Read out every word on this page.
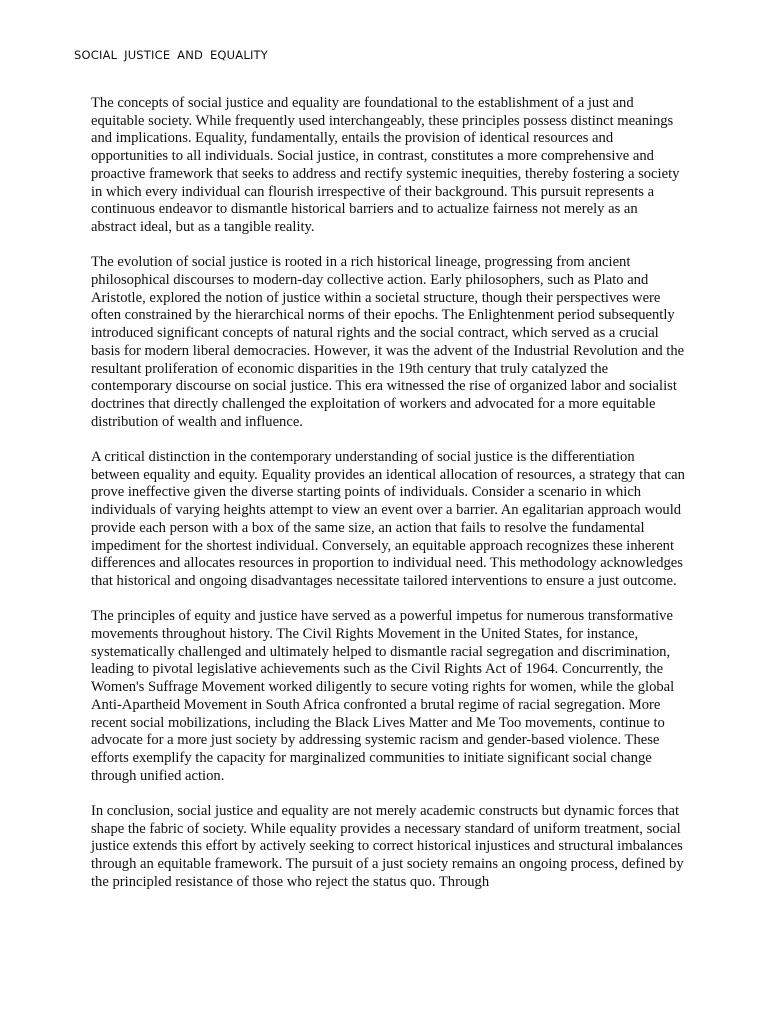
SOCIAL JUSTICE AND EQUALITY

The concepts of social justice and equality are foundational to the establishment of a just and equitable society. While frequently used interchangeably, these principles possess distinct meanings and implications. Equality, fundamentally, entails the provision of identical resources and opportunities to all individuals. Social justice, in contrast, constitutes a more comprehensive and proactive framework that seeks to address and rectify systemic inequities, thereby fostering a society in which every individual can flourish irrespective of their background. This pursuit represents a continuous endeavor to dismantle historical barriers and to actualize fairness not merely as an abstract ideal, but as a tangible reality.

The evolution of social justice is rooted in a rich historical lineage, progressing from ancient philosophical discourses to modern-day collective action. Early philosophers, such as Plato and Aristotle, explored the notion of justice within a societal structure, though their perspectives were often constrained by the hierarchical norms of their epochs. The Enlightenment period subsequently introduced significant concepts of natural rights and the social contract, which served as a crucial basis for modern liberal democracies. However, it was the advent of the Industrial Revolution and the resultant proliferation of economic disparities in the 19th century that truly catalyzed the contemporary discourse on social justice. This era witnessed the rise of organized labor and socialist doctrines that directly challenged the exploitation of workers and advocated for a more equitable distribution of wealth and influence.

A critical distinction in the contemporary understanding of social justice is the differentiation between equality and equity. Equality provides an identical allocation of resources, a strategy that can prove ineffective given the diverse starting points of individuals. Consider a scenario in which individuals of varying heights attempt to view an event over a barrier. An egalitarian approach would provide each person with a box of the same size, an action that fails to resolve the fundamental impediment for the shortest individual. Conversely, an equitable approach recognizes these inherent differences and allocates resources in proportion to individual need. This methodology acknowledges that historical and ongoing disadvantages necessitate tailored interventions to ensure a just outcome.

The principles of equity and justice have served as a powerful impetus for numerous transformative movements throughout history. The Civil Rights Movement in the United States, for instance, systematically challenged and ultimately helped to dismantle racial segregation and discrimination, leading to pivotal legislative achievements such as the Civil Rights Act of 1964. Concurrently, the Women's Suffrage Movement worked diligently to secure voting rights for women, while the global Anti-Apartheid Movement in South Africa confronted a brutal regime of racial segregation. More recent social mobilizations, including the Black Lives Matter and Me Too movements, continue to advocate for a more just society by addressing systemic racism and gender-based violence. These efforts exemplify the capacity for marginalized communities to initiate significant social change through unified action.

In conclusion, social justice and equality are not merely academic constructs but dynamic forces that shape the fabric of society. While equality provides a necessary standard of uniform treatment, social justice extends this effort by actively seeking to correct historical injustices and structural imbalances through an equitable framework. The pursuit of a just society remains an ongoing process, defined by the principled resistance of those who reject the status quo. Through
